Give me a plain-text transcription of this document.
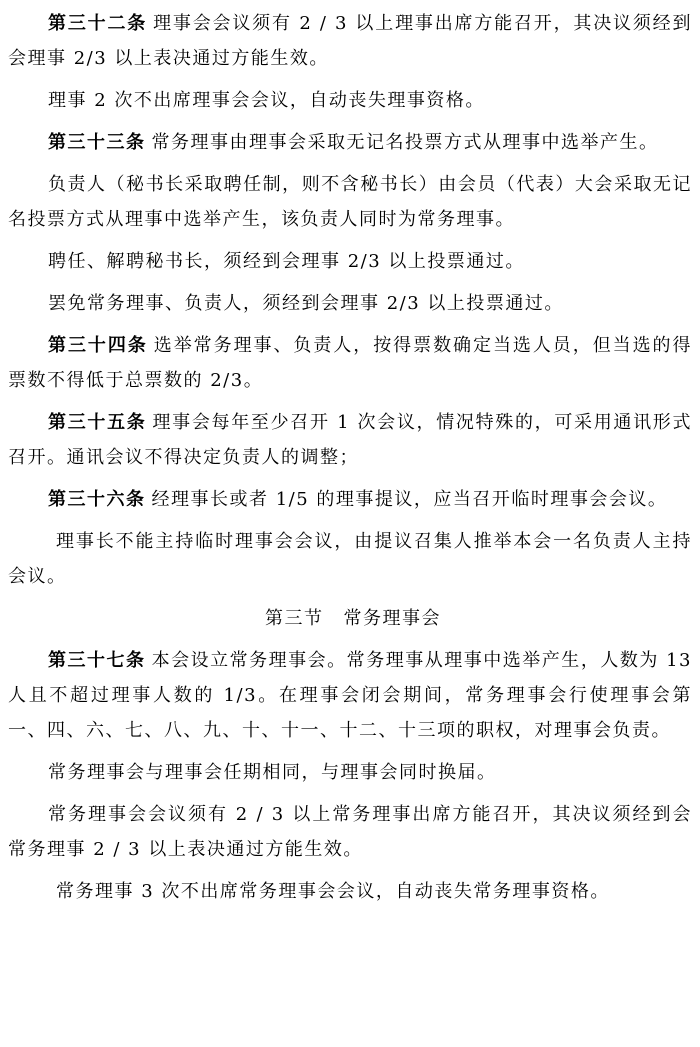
第三十二条 理事会会议须有 2 / 3 以上理事出席方能召开，其决议须经到会理事 2/3 以上表决通过方能生效。

理事 2 次不出席理事会会议，自动丧失理事资格。

第三十三条 常务理事由理事会采取无记名投票方式从理事中选举产生。

负责人（秘书长采取聘任制，则不含秘书长）由会员（代表）大会采取无记名投票方式从理事中选举产生，该负责人同时为常务理事。

聘任、解聘秘书长，须经到会理事 2/3 以上投票通过。

罢免常务理事、负责人，须经到会理事 2/3 以上投票通过。

第三十四条 选举常务理事、负责人，按得票数确定当选人员，但当选的得票数不得低于总票数的 2/3。

第三十五条 理事会每年至少召开 1 次会议，情况特殊的，可采用通讯形式召开。通讯会议不得决定负责人的调整；

第三十六条 经理事长或者 1/5 的理事提议，应当召开临时理事会会议。

理事长不能主持临时理事会会议，由提议召集人推举本会一名负责人主持会议。

第三节 常务理事会

第三十七条 本会设立常务理事会。常务理事从理事中选举产生，人数为 13 人且不超过理事人数的 1/3。在理事会闭会期间，常务理事会行使理事会第一、四、六、七、八、九、十、十一、十二、十三项的职权，对理事会负责。

常务理事会与理事会任期相同，与理事会同时换届。

常务理事会会议须有 2 / 3 以上常务理事出席方能召开，其决议须经到会常务理事 2 / 3 以上表决通过方能生效。

常务理事 3 次不出席常务理事会会议，自动丧失常务理事资格。
